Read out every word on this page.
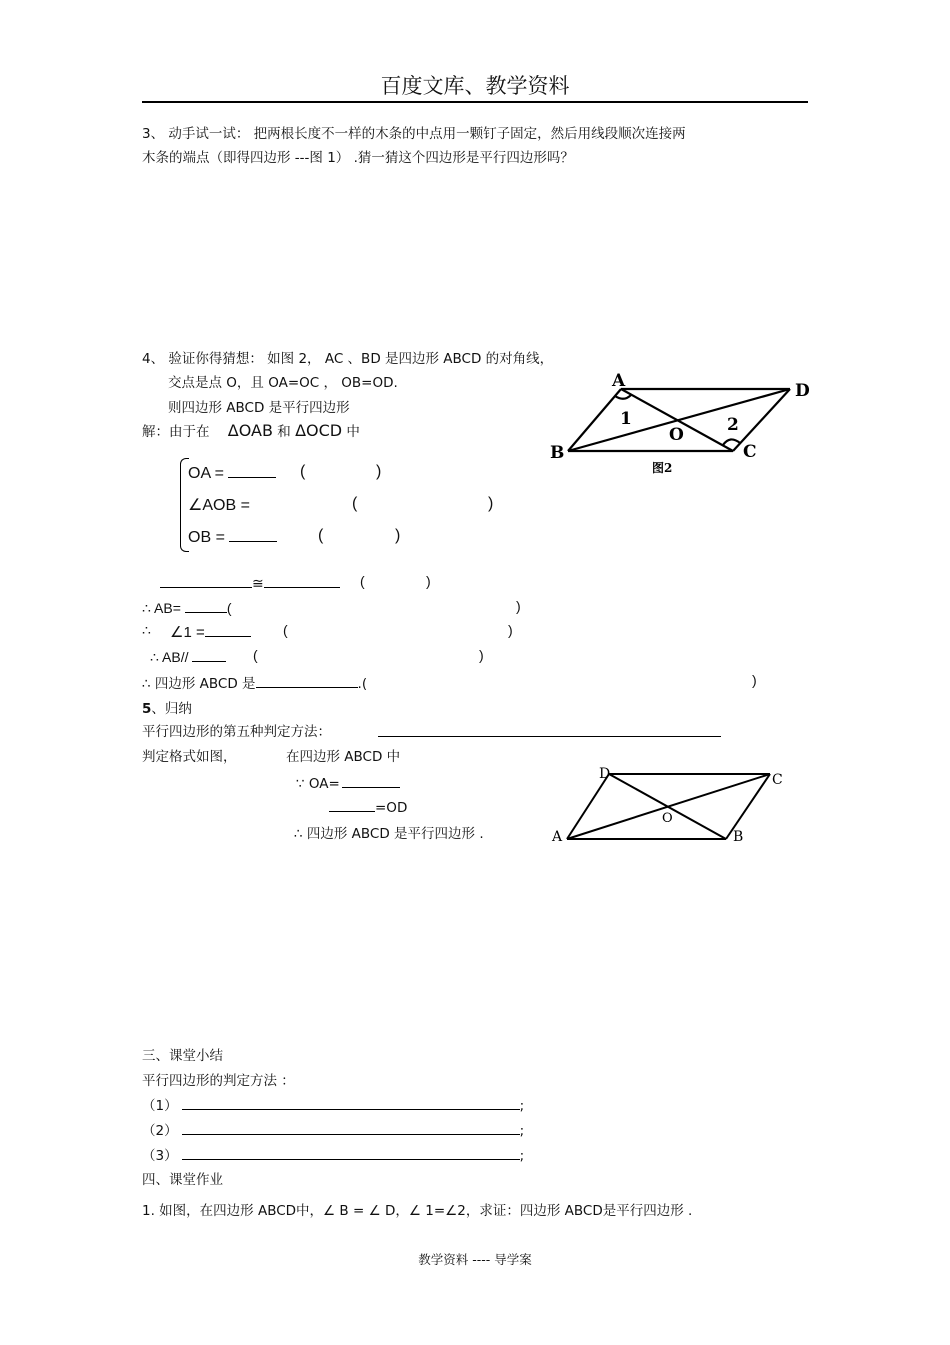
百度文库、教学资料
3、 动手试一试： 把两根长度不一样的木条的中点用一颗钉子固定，然后用线段顺次连接两
木条的端点（即得四边形 ---图 1） .猜一猜这个四边形是平行四边形吗？
4、 验证你得猜想： 如图 2， AC 、BD 是四边形 ABCD 的对角线，
交点是点 O，且 OA=OC ， OB=OD.
则四边形 ABCD 是平行四边形
解：由于在 ΔOAB 和 ΔOCD 中
OA =	(	)
∠AOB =	(	)
OB =	(	)
≅	(	)
∴ AB=	(	)
∴ ∠1 =	(	)
∴ AB//	(	)
∴ 四边形 ABCD 是	.(	)
A	D
B	C
O
1	2
图2
5、归纳
平行四边形的第五种判定方法：
判定格式如图，	在四边形 ABCD 中
∵ OA=
=OD
∴ 四边形 ABCD 是平行四边形 .
D	C
A	B
O
三、课堂小结
平行四边形的判定方法 ：
（1）	;
（2）	;
（3）	;
四、课堂作业
1. 如图，在四边形 ABCD中，∠ B = ∠ D，∠ 1=∠2，求证：四边形 ABCD是平行四边形 .
教学资料 ---- 导学案
